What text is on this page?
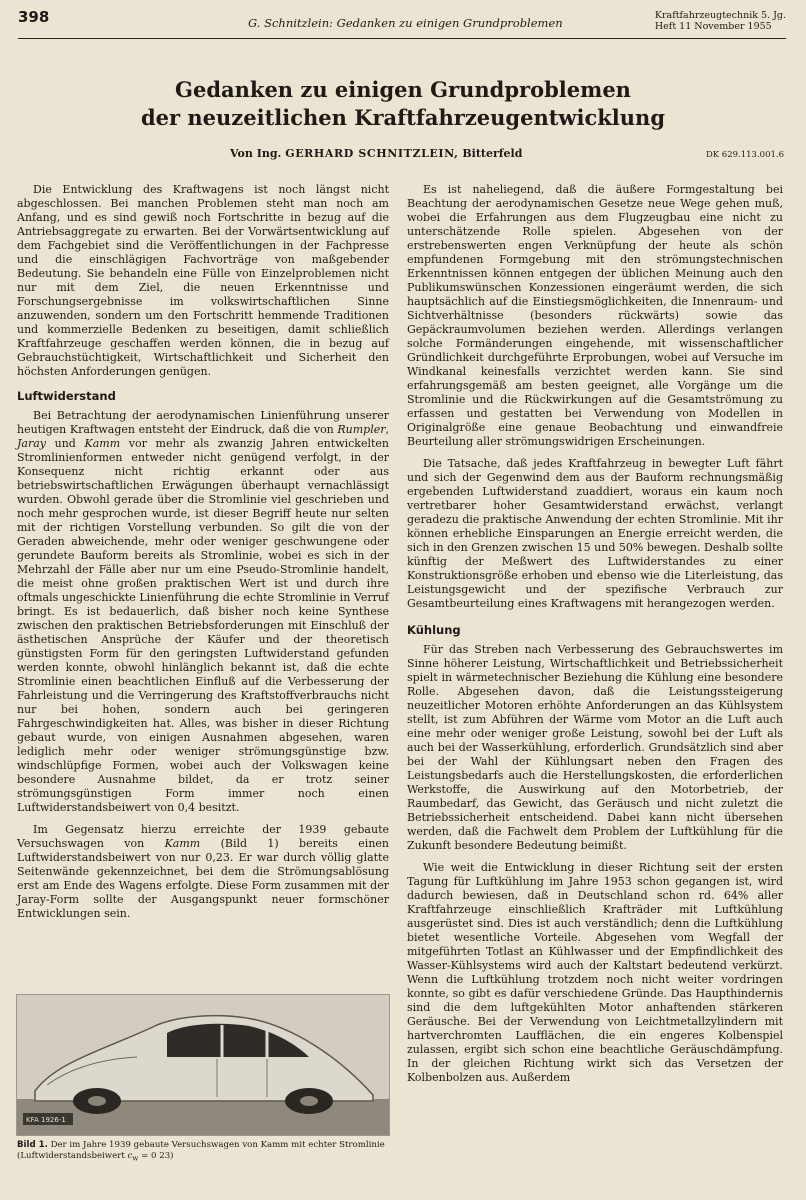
398	G. Schnitzlein: Gedanken zu einigen Grundproblemen
Kraftfahrzeugtechnik 5. Jg.
Heft 11 November 1955
Gedanken zu einigen Grundproblemen
der neuzeitlichen Kraftfahrzeugentwicklung
Von Ing. GERHARD SCHNITZLEIN, Bitterfeld	DK 629.113.001.6

Die Entwicklung des Kraftwagens ist noch längst nicht abgeschlossen. Bei manchen Problemen steht man noch am Anfang, und es sind gewiß noch Fortschritte in bezug auf die Antriebsaggregate zu erwarten. Bei der Vorwärtsentwicklung auf dem Fachgebiet sind die Veröffentlichungen in der Fachpresse und die einschlägigen Fachvorträge von maßgebender Bedeutung. Sie behandeln eine Fülle von Einzelproblemen nicht nur mit dem Ziel, die neuen Erkenntnisse und Forschungsergebnisse im volkswirtschaftlichen Sinne anzuwenden, sondern um den Fortschritt hemmende Traditionen und kommerzielle Bedenken zu beseitigen, damit schließlich Kraftfahrzeuge geschaffen werden können, die in bezug auf Gebrauchstüchtigkeit, Wirtschaftlichkeit und Sicherheit den höchsten Anforderungen genügen.

Luftwiderstand

Bei Betrachtung der aerodynamischen Linienführung unserer heutigen Kraftwagen entsteht der Eindruck, daß die von Rumpler, Jaray und Kamm vor mehr als zwanzig Jahren entwickelten Stromlinienformen entweder nicht genügend verfolgt, in der Konsequenz nicht richtig erkannt oder aus betriebswirtschaftlichen Erwägungen überhaupt vernachlässigt wurden. Obwohl gerade über die Stromlinie viel geschrieben und noch mehr gesprochen wurde, ist dieser Begriff heute nur selten mit der richtigen Vorstellung verbunden. So gilt die von der Geraden abweichende, mehr oder weniger geschwungene oder gerundete Bauform bereits als Stromlinie, wobei es sich in der Mehrzahl der Fälle aber nur um eine Pseudo-Stromlinie handelt, die meist ohne großen praktischen Wert ist und durch ihre oftmals ungeschickte Linienführung die echte Stromlinie in Verruf bringt. Es ist bedauerlich, daß bisher noch keine Synthese zwischen den praktischen Betriebsforderungen mit Einschluß der ästhetischen Ansprüche der Käufer und der theoretisch günstigsten Form für den geringsten Luftwiderstand gefunden werden konnte, obwohl hinlänglich bekannt ist, daß die echte Stromlinie einen beachtlichen Einfluß auf die Verbesserung der Fahrleistung und die Verringerung des Kraftstoffverbrauchs nicht nur bei hohen, sondern auch bei geringeren Fahrgeschwindigkeiten hat. Alles, was bisher in dieser Richtung gebaut wurde, von einigen Ausnahmen abgesehen, waren lediglich mehr oder weniger strömungsgünstige bzw. windschlüpfige Formen, wobei auch der Volkswagen keine besondere Ausnahme bildet, da er trotz seiner strömungsgünstigen Form immer noch einen Luftwiderstandsbeiwert von 0,4 besitzt.

Im Gegensatz hierzu erreichte der 1939 gebaute Versuchswagen von Kamm (Bild 1) bereits einen Luftwiderstandsbeiwert von nur 0,23. Er war durch völlig glatte Seitenwände gekennzeichnet, bei dem die Strömungsablösung erst am Ende des Wagens erfolgte. Diese Form zusammen mit der Jaray-Form sollte der Ausgangspunkt neuer formschöner Entwicklungen sein.

KFA 1926-1
Bild 1. Der im Jahre 1939 gebaute Versuchswagen von Kamm mit echter Stromlinie (Luftwiderstandsbeiwert $c_w = 0$ 23)

Es ist naheliegend, daß die äußere Formgestaltung bei Beachtung der aerodynamischen Gesetze neue Wege gehen muß, wobei die Erfahrungen aus dem Flugzeugbau eine nicht zu unterschätzende Rolle spielen. Abgesehen von der erstrebenswerten engen Verknüpfung der heute als schön empfundenen Formgebung mit den strömungstechnischen Erkenntnissen können entgegen der üblichen Meinung auch den Publikumswünschen Konzessionen eingeräumt werden, die sich hauptsächlich auf die Einstiegsmöglichkeiten, die Innenraum- und Sichtverhältnisse (besonders rückwärts) sowie das Gepäckraumvolumen beziehen werden. Allerdings verlangen solche Formänderungen eingehende, mit wissenschaftlicher Gründlichkeit durchgeführte Erprobungen, wobei auf Versuche im Windkanal keinesfalls verzichtet werden kann. Sie sind erfahrungsgemäß am besten geeignet, alle Vorgänge um die Stromlinie und die Rückwirkungen auf die Gesamtströmung zu erfassen und gestatten bei Verwendung von Modellen in Originalgröße eine genaue Beobachtung und einwandfreie Beurteilung aller strömungswidrigen Erscheinungen.

Die Tatsache, daß jedes Kraftfahrzeug in bewegter Luft fährt und sich der Gegenwind dem aus der Bauform rechnungsmäßig ergebenden Luftwiderstand zuaddiert, woraus ein kaum noch vertretbarer hoher Gesamtwiderstand erwächst, verlangt geradezu die praktische Anwendung der echten Stromlinie. Mit ihr können erhebliche Einsparungen an Energie erreicht werden, die sich in den Grenzen zwischen 15 und 50% bewegen. Deshalb sollte künftig der Meßwert des Luftwiderstandes zu einer Konstruktionsgröße erhoben und ebenso wie die Literleistung, das Leistungsgewicht und der spezifische Verbrauch zur Gesamtbeurteilung eines Kraftwagens mit herangezogen werden.

Kühlung

Für das Streben nach Verbesserung des Gebrauchswertes im Sinne höherer Leistung, Wirtschaftlichkeit und Betriebssicherheit spielt in wärmetechnischer Beziehung die Kühlung eine besondere Rolle. Abgesehen davon, daß die Leistungssteigerung neuzeitlicher Motoren erhöhte Anforderungen an das Kühlsystem stellt, ist zum Abführen der Wärme vom Motor an die Luft auch eine mehr oder weniger große Leistung, sowohl bei der Luft als auch bei der Wasserkühlung, erforderlich. Grundsätzlich sind aber bei der Wahl der Kühlungsart neben den Fragen des Leistungsbedarfs auch die Herstellungskosten, die erforderlichen Werkstoffe, die Auswirkung auf den Motorbetrieb, der Raumbedarf, das Gewicht, das Geräusch und nicht zuletzt die Betriebssicherheit entscheidend. Dabei kann nicht übersehen werden, daß die Fachwelt dem Problem der Luftkühlung für die Zukunft besondere Bedeutung beimißt.

Wie weit die Entwicklung in dieser Richtung seit der ersten Tagung für Luftkühlung im Jahre 1953 schon gegangen ist, wird dadurch bewiesen, daß in Deutschland schon rd. 64% aller Kraftfahrzeuge einschließlich Krafträder mit Luftkühlung ausgerüstet sind. Dies ist auch verständlich; denn die Luftkühlung bietet wesentliche Vorteile. Abgesehen vom Wegfall der mitgeführten Totlast an Kühlwasser und der Empfindlichkeit des Wasser-Kühlsystems wird auch der Kaltstart bedeutend verkürzt. Wenn die Luftkühlung trotzdem noch nicht weiter vordringen konnte, so gibt es dafür verschiedene Gründe. Das Haupthindernis sind die dem luftgekühlten Motor anhaftenden stärkeren Geräusche. Bei der Verwendung von Leichtmetallzylindern mit hartverchromten Laufflächen, die ein engeres Kolbenspiel zulassen, ergibt sich schon eine beachtliche Geräuschdämpfung. In der gleichen Richtung wirkt sich das Versetzen der Kolbenbolzen aus. Außerdem
